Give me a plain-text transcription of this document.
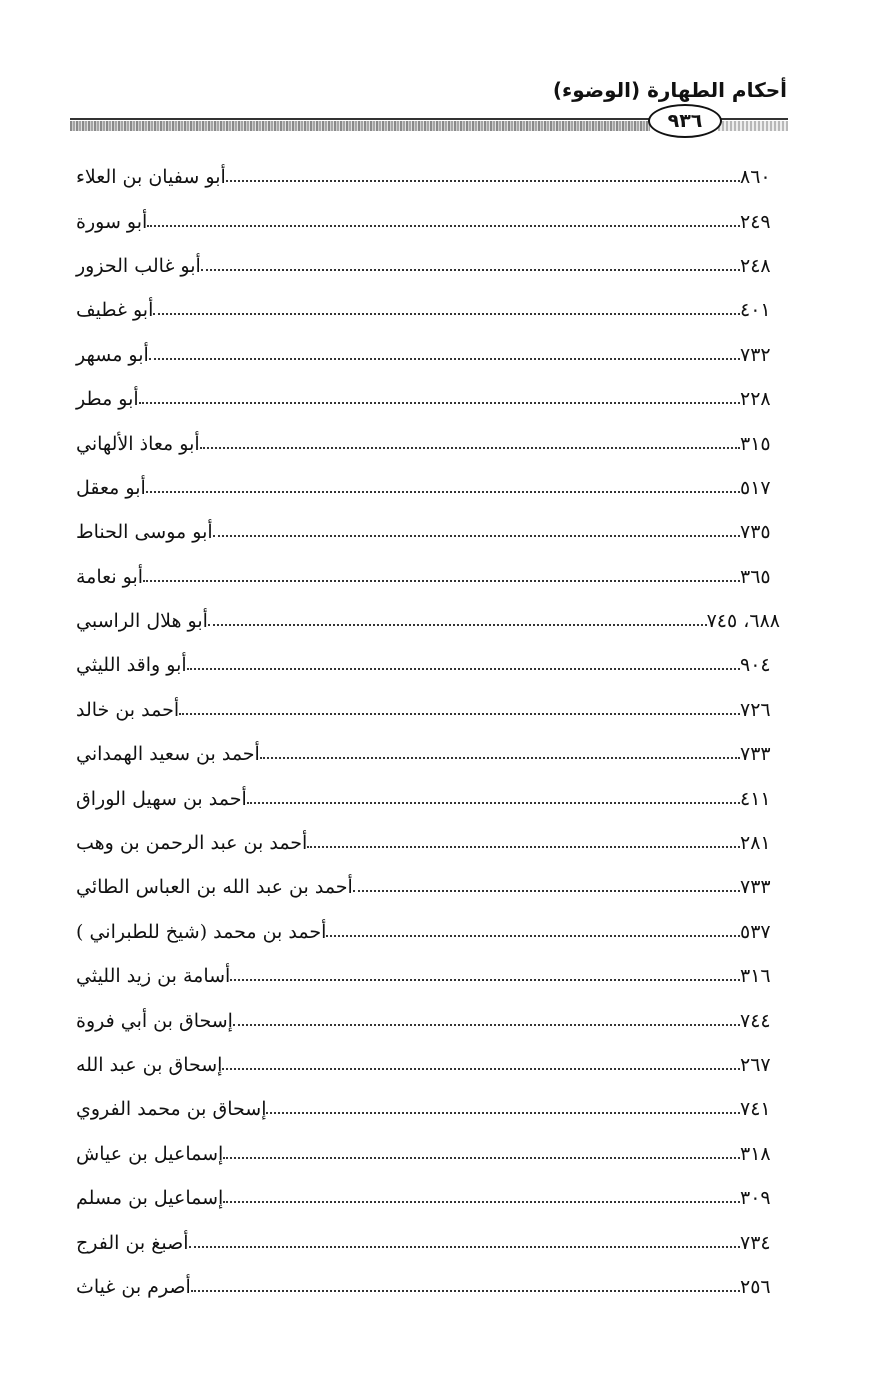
أحكام الطهارة (الوضوء)
٩٣٦
أبو سفيان بن العلاء	٨٦٠
أبو سورة	٢٤٩
أبو غالب الحزور	٢٤٨
أبو غطيف	٤٠١
أبو مسهر	٧٣٢
أبو مطر	٢٢٨
أبو معاذ الألهاني	٣١٥
أبو معقل	٥١٧
أبو موسى الحناط	٧٣٥
أبو نعامة	٣٦٥
أبو هلال الراسبي	٦٨٨، ٧٤٥
أبو واقد الليثي	٩٠٤
أحمد بن خالد	٧٢٦
أحمد بن سعيد الهمداني	٧٣٣
أحمد بن سهيل الوراق	٤١١
أحمد بن عبد الرحمن بن وهب	٢٨١
أحمد بن عبد الله بن العباس الطائي	٧٣٣
أحمد بن محمد (شيخ للطبراني )	٥٣٧
أسامة بن زيد الليثي	٣١٦
إسحاق بن أبي فروة	٧٤٤
إسحاق بن عبد الله	٢٦٧
إسحاق بن محمد الفروي	٧٤١
إسماعيل بن عياش	٣١٨
إسماعيل بن مسلم	٣٠٩
أصبغ بن الفرج	٧٣٤
أصرم بن غياث	٢٥٦
